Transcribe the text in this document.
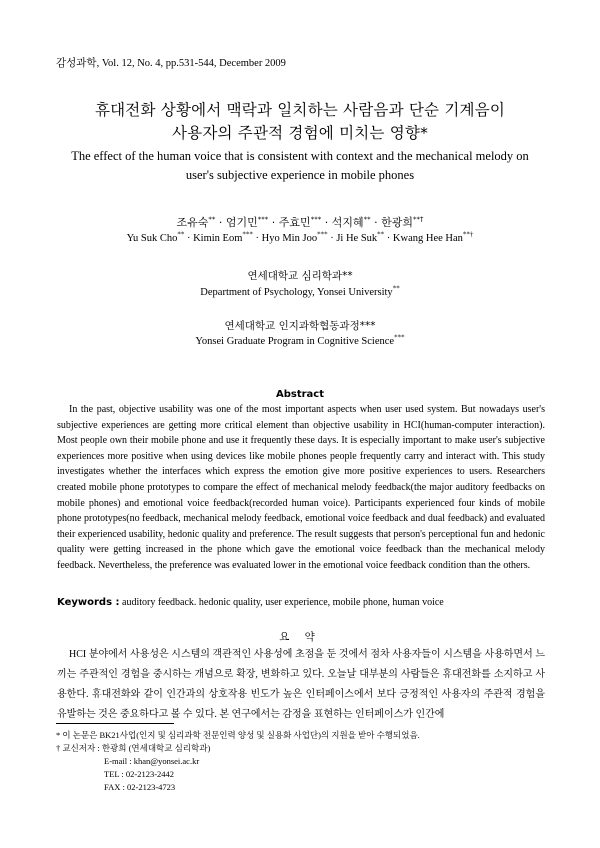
감성과학, Vol. 12, No. 4, pp.531-544, December 2009
휴대전화 상황에서 맥락과 일치하는 사람음과 단순 기계음이
사용자의 주관적 경험에 미치는 영향*
The effect of the human voice that is consistent with context and the mechanical melody on
user's subjective experience in mobile phones
조유숙** · 엄기민*** · 주효민*** · 석지혜** · 한광희**†
Yu Suk Cho** · Kimin Eom*** · Hyo Min Joo*** · Ji He Suk** · Kwang Hee Han**†
연세대학교 심리학과**
Department of Psychology, Yonsei University**
연세대학교 인지과학협동과정***
Yonsei Graduate Program in Cognitive Science***
Abstract

In the past, objective usability was one of the most important aspects when user used system. But nowadays user's subjective experiences are getting more critical element than objective usability in HCI(human-computer interaction). Most people own their mobile phone and use it frequently these days. It is especially important to make user's subjective experiences more positive when using devices like mobile phones people frequently carry and interact with. This study investigates whether the interfaces which express the emotion give more positive experiences to users. Researchers created mobile phone prototypes to compare the effect of mechanical melody feedback(the major auditory feedbacks on mobile phones) and emotional voice feedback(recorded human voice). Participants experienced four kinds of mobile phone prototypes(no feedback, mechanical melody feedback, emotional voice feedback and dual feedback) and evaluated their experienced usability, hedonic quality and preference. The result suggests that person's perceptional fun and hedonic quality were getting increased in the phone which gave the emotional voice feedback than the mechanical melody feedback. Nevertheless, the preference was evaluated lower in the emotional voice feedback condition than the others.

Keywords : auditory feedback. hedonic quality, user experience, mobile phone, human voice
요 약

HCI 분야에서 사용성은 시스템의 객관적인 사용성에 초점을 둔 것에서 점차 사용자들이 시스템을 사용하면서 느끼는 주관적인 경험을 중시하는 개념으로 확장, 변화하고 있다. 오늘날 대부분의 사람들은 휴대전화를 소지하고 사용한다. 휴대전화와 같이 인간과의 상호작용 빈도가 높은 인터페이스에서 보다 긍정적인 사용자의 주관적 경험을 유발하는 것은 중요하다고 볼 수 있다. 본 연구에서는 감정을 표현하는 인터페이스가 인간에

* 이 논문은 BK21사업(인지 및 심리과학 전문인력 양성 및 실용화 사업단)의 지원을 받아 수행되었음.
† 교신저자 : 한광희 (연세대학교 심리학과)
E-mail : khan@yonsei.ac.kr
TEL : 02-2123-2442
FAX : 02-2123-4723
